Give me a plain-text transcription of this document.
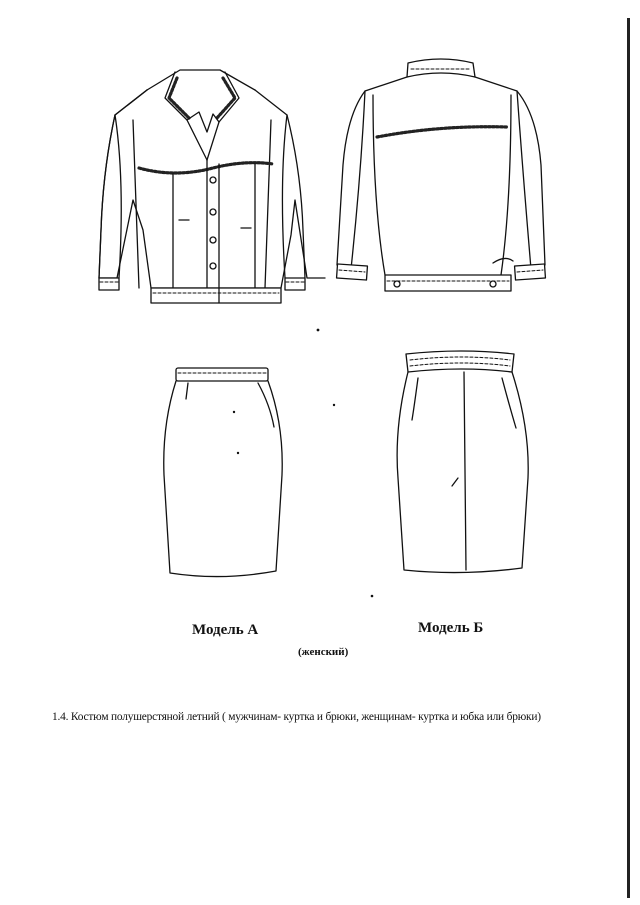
Модель А	Модель Б
(женский)
1.4. Костюм полушерстяной летний ( мужчинам- куртка и брюки, женщинам- куртка и юбка или брюки)
